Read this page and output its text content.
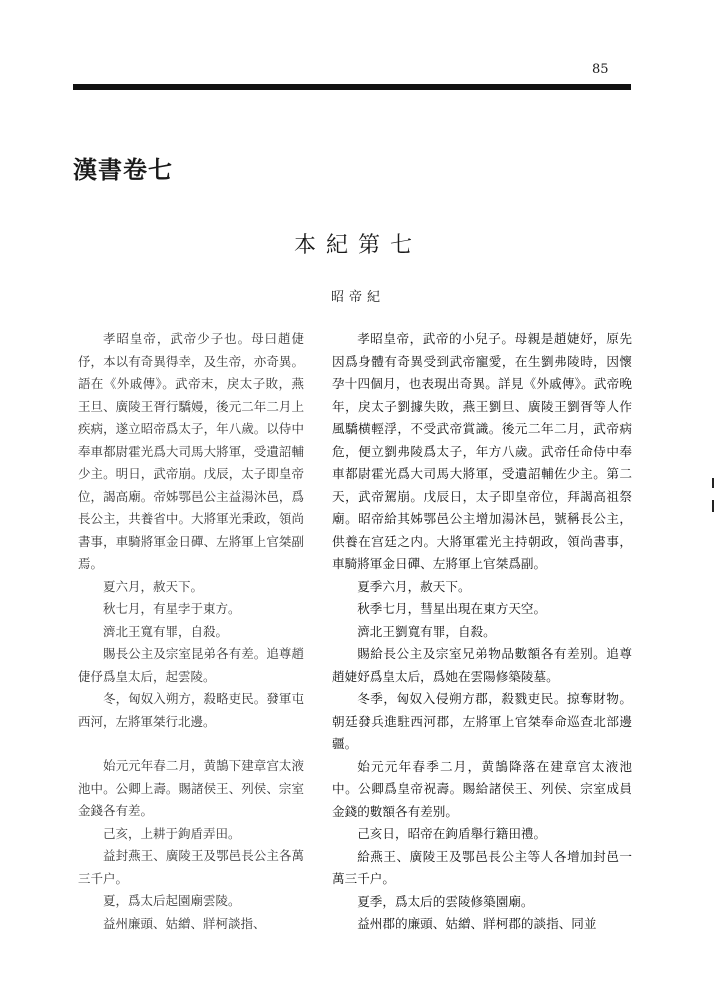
85
漢書卷七
本紀第七
昭帝紀

孝昭皇帝，武帝少子也。母曰趙倢伃，本以有奇異得幸，及生帝，亦奇異。語在《外戚傳》。武帝末，戾太子敗，燕王旦、廣陵王胥行驕嫚，後元二年二月上疾病，遂立昭帝爲太子，年八歲。以侍中奉車都尉霍光爲大司馬大將軍，受遺詔輔少主。明日，武帝崩。戊辰，太子即皇帝位，謁高廟。帝姊鄂邑公主益湯沐邑，爲長公主，共養省中。大將軍光秉政，領尚書事，車騎將軍金日磾、左將軍上官桀副焉。

夏六月，赦天下。

秋七月，有星孛于東方。

濟北王寬有罪，自殺。

賜長公主及宗室昆弟各有差。追尊趙倢伃爲皇太后，起雲陵。

冬，匈奴入朔方，殺略吏民。發軍屯西河，左將軍桀行北邊。

始元元年春二月，黄鵠下建章宫太液池中。公卿上壽。賜諸侯王、列侯、宗室金錢各有差。

己亥，上耕于鉤盾弄田。

益封燕王、廣陵王及鄂邑長公主各萬三千户。

夏，爲太后起園廟雲陵。

益州廉頭、姑繒、牂柯談指、

孝昭皇帝，武帝的小兒子。母親是趙婕妤，原先因爲身體有奇異受到武帝寵愛，在生劉弗陵時，因懷孕十四個月，也表現出奇異。詳見《外戚傳》。武帝晚年，戾太子劉據失敗，燕王劉旦、廣陵王劉胥等人作風驕横輕浮，不受武帝賞識。後元二年二月，武帝病危，便立劉弗陵爲太子，年方八歲。武帝任命侍中奉車都尉霍光爲大司馬大將軍，受遺詔輔佐少主。第二天，武帝駕崩。戊辰日，太子即皇帝位，拜謁高祖祭廟。昭帝給其姊鄂邑公主增加湯沐邑，號稱長公主，供養在宫廷之内。大將軍霍光主持朝政，領尚書事，車騎將軍金日磾、左將軍上官桀爲副。

夏季六月，赦天下。

秋季七月，彗星出現在東方天空。

濟北王劉寬有罪，自殺。

賜給長公主及宗室兄弟物品數額各有差别。追尊趙婕妤爲皇太后，爲她在雲陽修築陵墓。

冬季，匈奴入侵朔方郡，殺戮吏民。掠奪財物。朝廷發兵進駐西河郡，左將軍上官桀奉命巡查北部邊疆。

始元元年春季二月，黄鵠降落在建章宫太液池中。公卿爲皇帝祝壽。賜給諸侯王、列侯、宗室成員金錢的數額各有差别。

己亥日，昭帝在鉤盾舉行籍田禮。

給燕王、廣陵王及鄂邑長公主等人各增加封邑一萬三千户。

夏季，爲太后的雲陵修築園廟。

益州郡的廉頭、姑繒、牂柯郡的談指、同並
